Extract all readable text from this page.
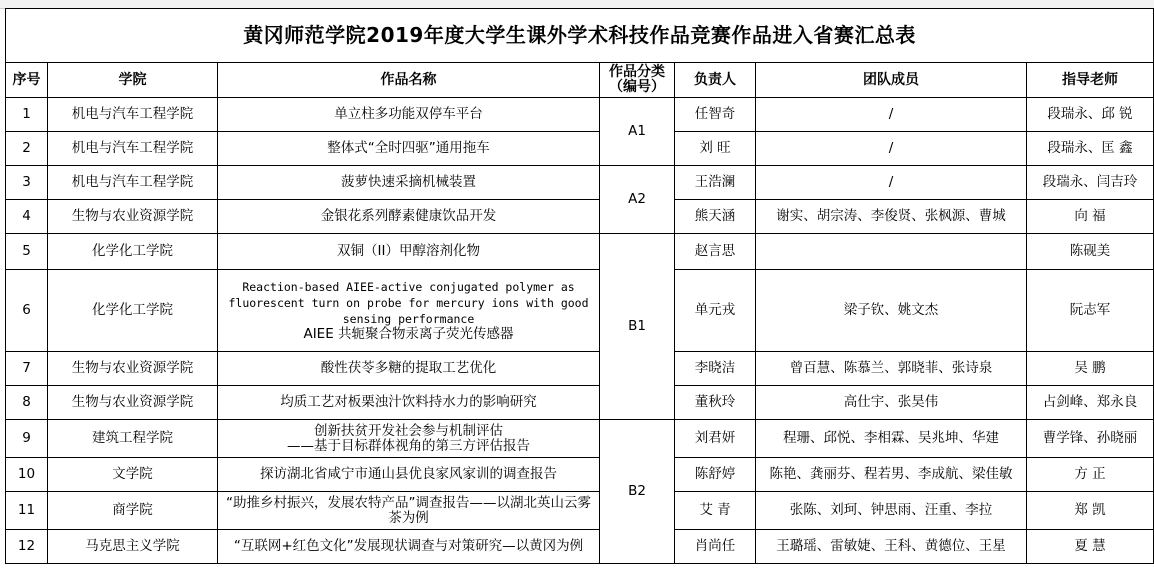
黄冈师范学院2019年度大学生课外学术科技作品竞赛作品进入省赛汇总表						
序号	学院	作品名称	作品分类（编号）	负责人	团队成员	指导老师
1	机电与汽车工程学院	单立柱多功能双停车平台	A1	任智奇	/	段瑞永、邱 锐
2	机电与汽车工程学院	整体式“全时四驱”通用拖车		刘 旺	/	段瑞永、匡 鑫
3	机电与汽车工程学院	菠萝快速采摘机械装置	A2	王浩澜	/	段瑞永、闫吉玲
4	生物与农业资源学院	金银花系列酵素健康饮品开发		熊天涵	谢实、胡宗涛、李俊贤、张枫源、曹城	向 福
5	化学化工学院	双铜（II）甲醇溶剂化物	B1	赵言思		陈砚美
6	化学化工学院	Reaction-based AIEE-active conjugated polymer as fluorescent turn on probe for mercury ions with good sensing performance
AIEE 共轭聚合物汞离子荧光传感器		单元戎	梁子钦、姚文杰	阮志军
7	生物与农业资源学院	酸性茯苓多糖的提取工艺优化		李晓洁	曾百慧、陈慕兰、郭晓菲、张诗泉	吴 鹏
8	生物与农业资源学院	均质工艺对板栗浊汁饮料持水力的影响研究		董秋玲	高仕宇、张昊伟	占剑峰、郑永良
9	建筑工程学院	创新扶贫开发社会参与机制评估
——基于目标群体视角的第三方评估报告	B2	刘君妍	程珊、邱悦、李相霖、吴兆坤、华建	曹学锋、孙晓丽
10	文学院	探访湖北省咸宁市通山县优良家风家训的调查报告		陈舒婷	陈艳、龚丽芬、程若男、李成航、梁佳敏	方 正
11	商学院	“助推乡村振兴，发展农特产品”调查报告——以湖北英山云雾茶为例		艾 青	张陈、刘珂、钟思雨、汪重、李拉	郑 凯
12	马克思主义学院	“互联网+红色文化”发展现状调查与对策研究—以黄冈为例		肖尚任	王璐瑶、雷敏婕、王科、黄德位、王星	夏 慧
